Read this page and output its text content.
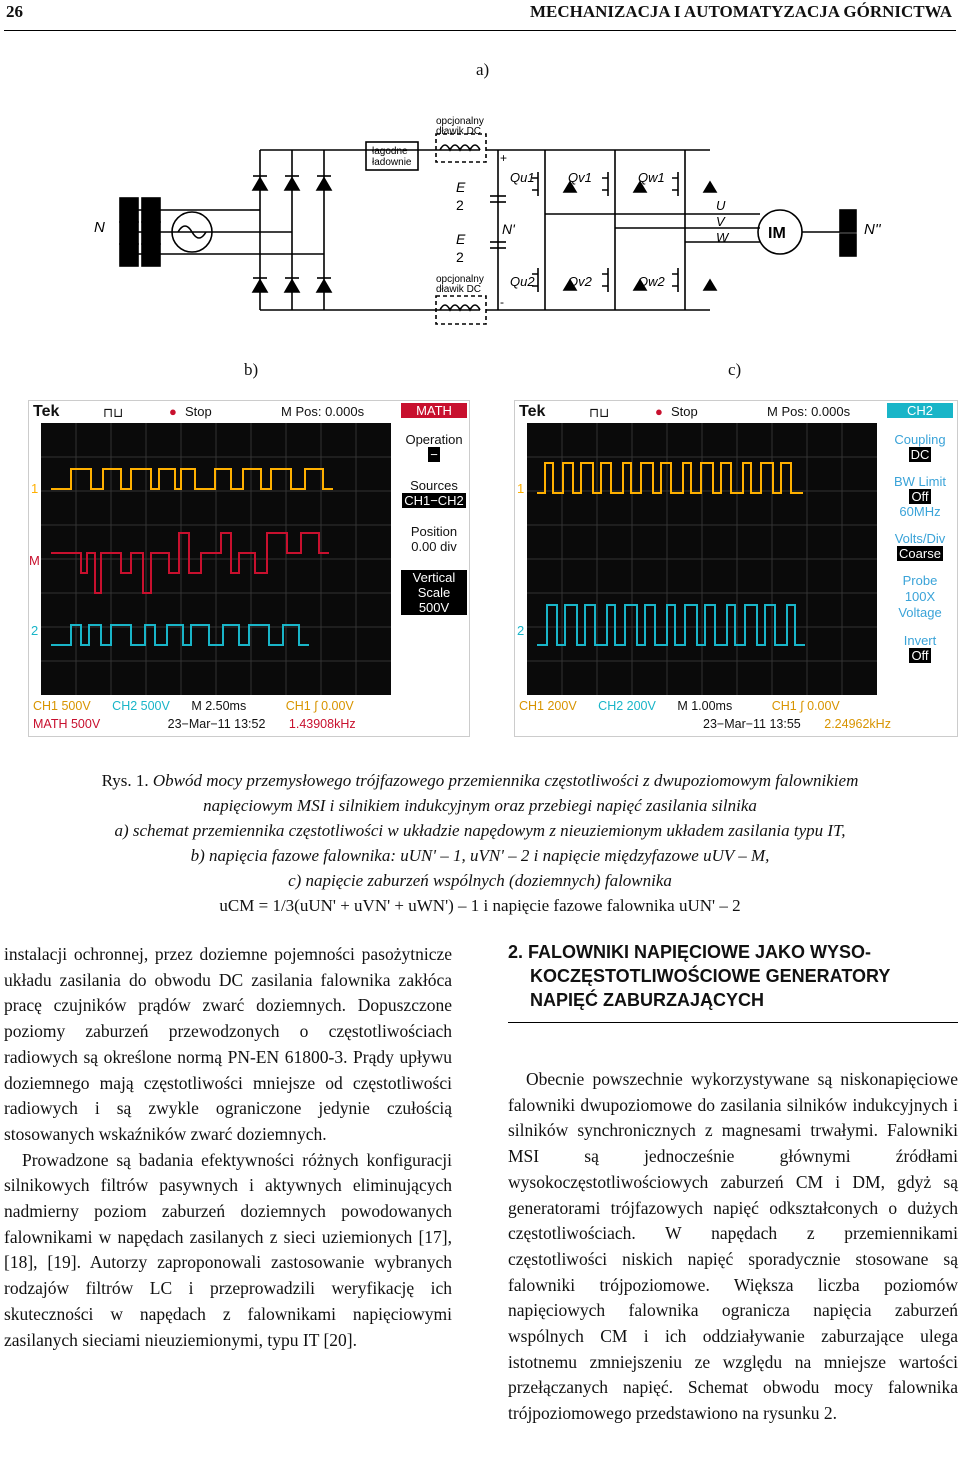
26	MECHANIZACJA I AUTOMATYZACJA GÓRNICTWA
a)
b)	c)
N
łagodne
ładownie
opcjonalny
dławik DC
opcjonalny
dławik DC
E
2
E
2
+
-
N'
Qu1	Qv1	Qw1
Qu2	Qv2	Qw2
U
V
W IM	N''
Tek	⊓⊔	● Stop	M Pos: 0.000s
1
M
2
MATH
Operation
−
Sources
CH1−CH2
Position
0.00 div
Vertical
Scale
500V
CH1 500V CH2 500V M 2.50ms	CH1 ∫ 0.00V
MATH 500V	23−Mar−11 13:52 1.43908kHz
Tek	⊓⊔	● Stop	M Pos: 0.000s
1
2
CH2
Coupling
DC
BW Limit
Off
60MHz
Volts/Div
Coarse
Probe
100X
Voltage
Invert
Off
CH1 200V CH2 200V M 1.00ms	CH1 ∫ 0.00V
23−Mar−11 13:55 2.24962kHz
Rys. 1. Obwód mocy przemysłowego trójfazowego przemiennika częstotliwości z dwupoziomowym falownikiem
napięciowym MSI i silnikiem indukcyjnym oraz przebiegi napięć zasilania silnika
a) schemat przemiennika częstotliwości w układzie napędowym z nieuziemionym układem zasilania typu IT,
b) napięcia fazowe falownika: uUN' – 1, uVN' – 2 i napięcie międzyfazowe uUV – M,
c) napięcie zaburzeń wspólnych (doziemnych) falownika
uCM = 1/3(uUN' + uVN' + uWN') – 1 i napięcie fazowe falownika uUN' – 2

instalacji ochronnej, przez doziemne pojemności pasożytnicze układu zasilania do obwodu DC zasilania falownika zakłóca pracę czujników prądów zwarć doziemnych. Dopuszczone poziomy zaburzeń przewodzonych o częstotliwościach radiowych są określone normą PN-EN 61800-3. Prądy upływu doziemnego mają częstotliwości mniejsze od częstotliwości radiowych i są zwykle ograniczone jedynie czułością stosowanych wskaźników zwarć doziemnych.

Prowadzone są badania efektywności różnych konfiguracji silnikowych filtrów pasywnych i aktywnych eliminujących nadmierny poziom zaburzeń doziemnych powodowanych falownikami w napędach zasilanych z sieci uziemionych [17], [18], [19]. Autorzy zaproponowali zastosowanie wybranych rodzajów filtrów LC i przeprowadzili weryfikację ich skuteczności w napędach z falownikami napięciowymi zasilanych sieciami nieuziemionymi, typu IT [20].

2. FALOWNIKI NAPIĘCIOWE JAKO WYSO-
KOCZĘSTOTLIWOŚCIOWE GENERATORY
NAPIĘĆ ZABURZAJĄCYCH

Obecnie powszechnie wykorzystywane są niskonapięciowe falowniki dwupoziomowe do zasilania silników indukcyjnych i silników synchronicznych z magnesami trwałymi. Falowniki MSI są jednocześnie głównymi źródłami wysokoczęstotliwościowych zaburzeń CM i DM, gdyż są generatorami trójfazowych napięć odkształconych o dużych częstotliwościach. W napędach z przemiennikami częstotliwości niskich napięć sporadycznie stosowane są falowniki trójpoziomowe. Większa liczba poziomów napięciowych falownika ogranicza napięcia zaburzeń wspólnych CM i ich oddziaływanie zaburzające ulega istotnemu zmniejszeniu ze względu na mniejsze wartości przełączanych napięć. Schemat obwodu mocy falownika trójpoziomowego przedstawiono na rysunku 2.
